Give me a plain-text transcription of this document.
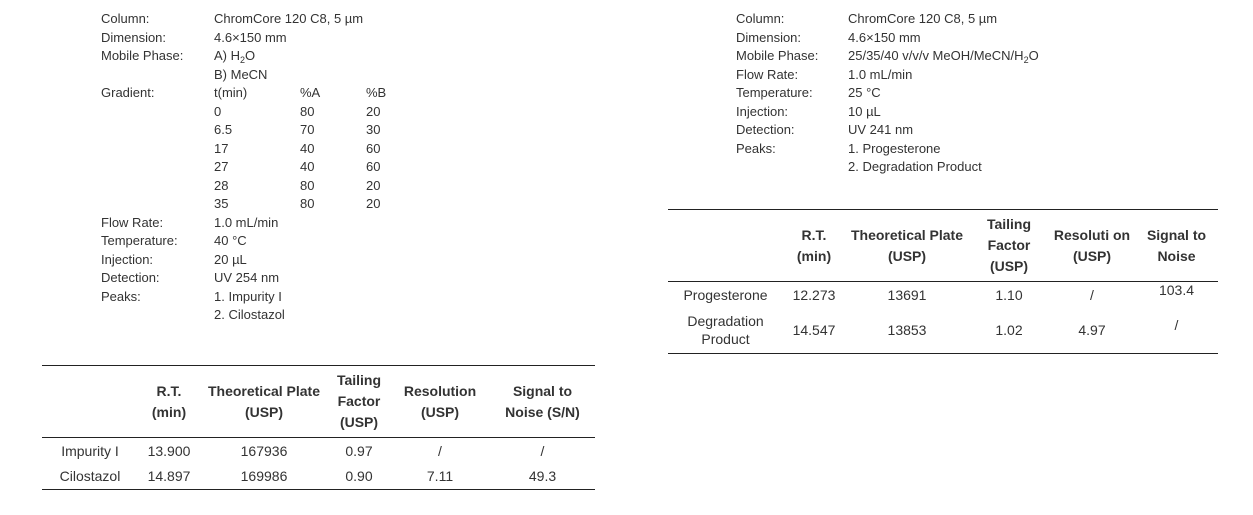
Column:	ChromCore 120 C8, 5 µm
Dimension:	4.6×150 mm
Mobile Phase: A) $H_2O$
B) MeCN
Gradient:	t(min)	%A	%B
0	80	20
6.5	70	30
17	40	60
27	40	60
28	80	20
35	80	20
Flow Rate:	1.0 mL/min
Temperature:	40 °C
Injection:	20 µL
Detection:	UV 254 nm
Peaks:	1. Impurity I
2. Cilostazol
	R.T. (min)	Theoretical Plate (USP)	Tailing Factor (USP)	Resolution (USP)	Signal to Noise (S/N)
Impurity I	13.900	167936	0.97	/	/
Cilostazol	14.897	169986	0.90	7.11	49.3
Column:	ChromCore 120 C8, 5 µm
Dimension:	4.6×150 mm
Mobile Phase: 25/35/40 v/v/v MeOH/$MeCN/H_2O$
Flow Rate:	1.0 mL/min
Temperature:	25 °C
Injection:	10 µL
Detection:	UV 241 nm
Peaks:	1. Progesterone
2. Degradation Product
	R.T. (min)	Theoretical Plate (USP)	Tailing Factor (USP)	Resoluti on (USP)	Signal to Noise
Progesterone	12.273	13691	1.10	/	103.4
Degradation Product	14.547	13853	1.02	4.97	/
